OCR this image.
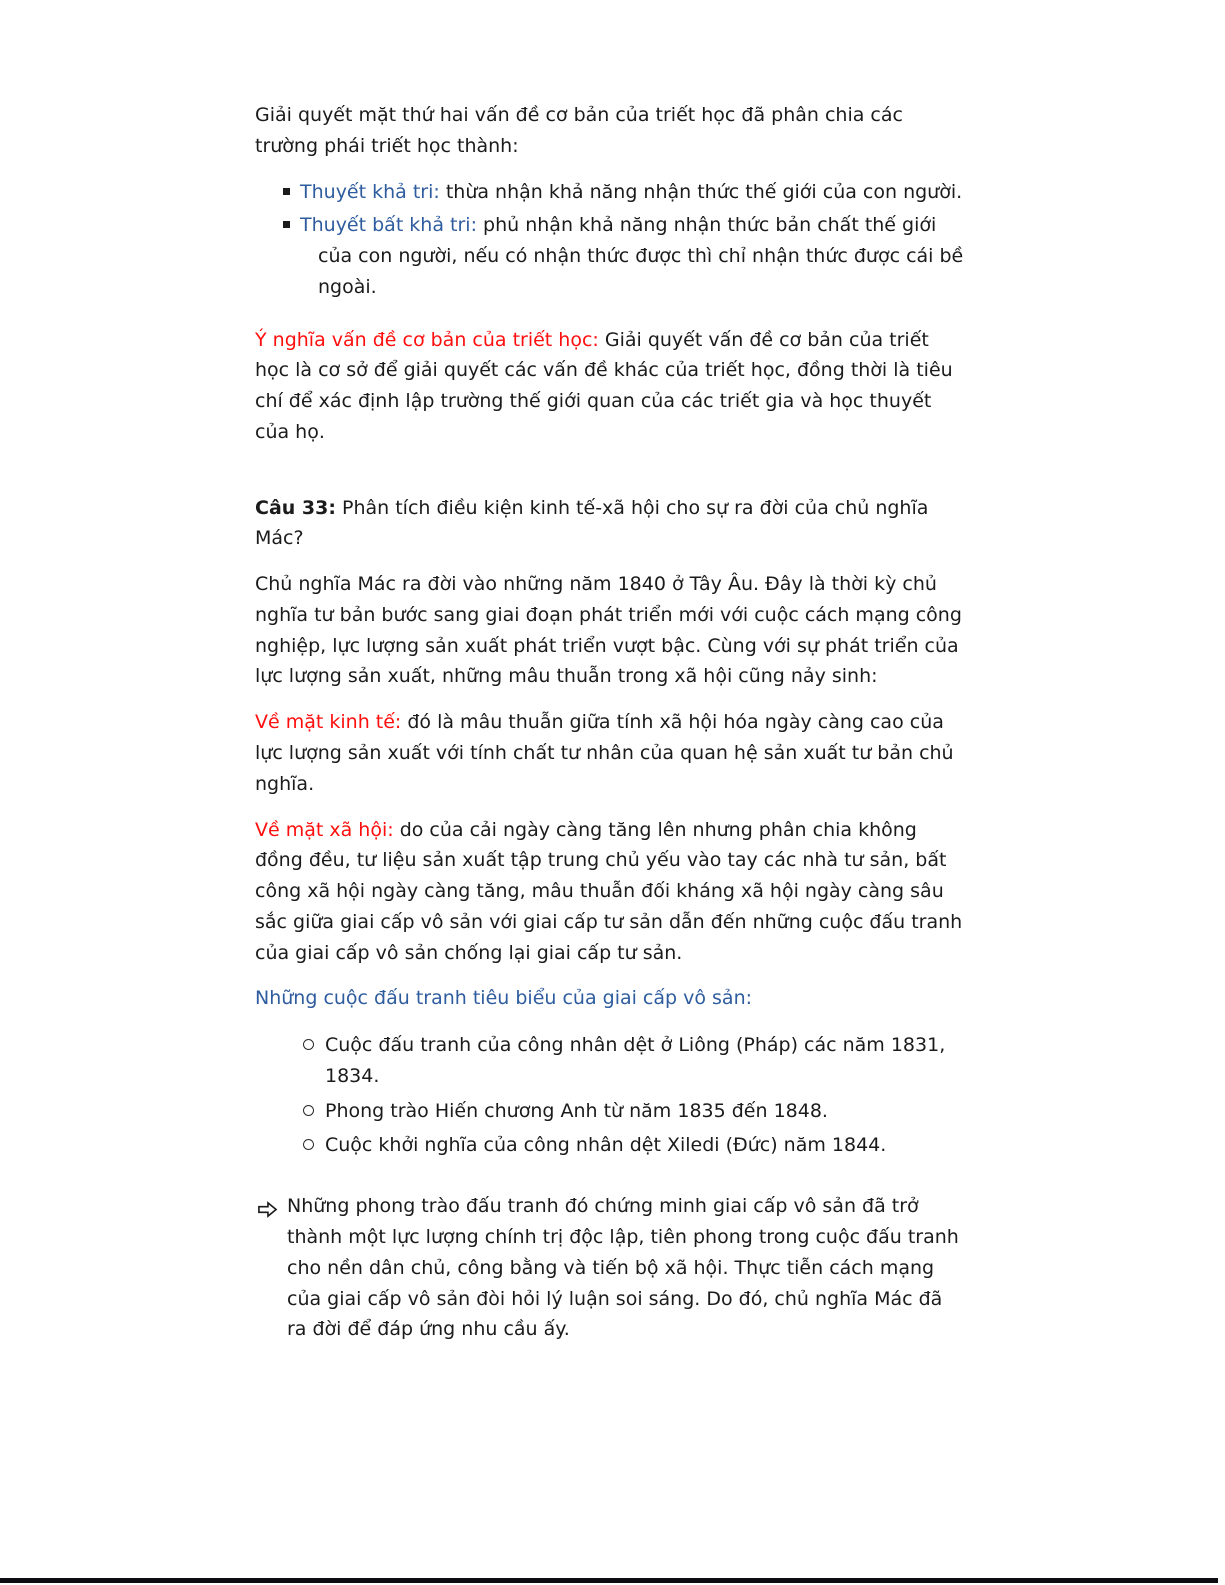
Giải quyết mặt thứ hai vấn đề cơ bản của triết học đã phân chia các trường phái triết học thành:

Thuyết khả tri: thừa nhận khả năng nhận thức thế giới của con người.
Thuyết bất khả tri: phủ nhận khả năng nhận thức bản chất thế giới của con người, nếu có nhận thức được thì chỉ nhận thức được cái bề ngoài.

Ý nghĩa vấn đề cơ bản của triết học: Giải quyết vấn đề cơ bản của triết học là cơ sở để giải quyết các vấn đề khác của triết học, đồng thời là tiêu chí để xác định lập trường thế giới quan của các triết gia và học thuyết của họ.

Câu 33: Phân tích điều kiện kinh tế-xã hội cho sự ra đời của chủ nghĩa Mác?

Chủ nghĩa Mác ra đời vào những năm 1840 ở Tây Âu. Đây là thời kỳ chủ nghĩa tư bản bước sang giai đoạn phát triển mới với cuộc cách mạng công nghiệp, lực lượng sản xuất phát triển vượt bậc. Cùng với sự phát triển của lực lượng sản xuất, những mâu thuẫn trong xã hội cũng nảy sinh:

Về mặt kinh tế: đó là mâu thuẫn giữa tính xã hội hóa ngày càng cao của lực lượng sản xuất với tính chất tư nhân của quan hệ sản xuất tư bản chủ nghĩa.

Về mặt xã hội: do của cải ngày càng tăng lên nhưng phân chia không đồng đều, tư liệu sản xuất tập trung chủ yếu vào tay các nhà tư sản, bất công xã hội ngày càng tăng, mâu thuẫn đối kháng xã hội ngày càng sâu sắc giữa giai cấp vô sản với giai cấp tư sản dẫn đến những cuộc đấu tranh của giai cấp vô sản chống lại giai cấp tư sản.

Những cuộc đấu tranh tiêu biểu của giai cấp vô sản:

Cuộc đấu tranh của công nhân dệt ở Liông (Pháp) các năm 1831, 1834.
Phong trào Hiến chương Anh từ năm 1835 đến 1848.
Cuộc khởi nghĩa của công nhân dệt Xiledi (Đức) năm 1844.
Những phong trào đấu tranh đó chứng minh giai cấp vô sản đã trở thành một lực lượng chính trị độc lập, tiên phong trong cuộc đấu tranh cho nền dân chủ, công bằng và tiến bộ xã hội. Thực tiễn cách mạng của giai cấp vô sản đòi hỏi lý luận soi sáng. Do đó, chủ nghĩa Mác đã ra đời để đáp ứng nhu cầu ấy.
